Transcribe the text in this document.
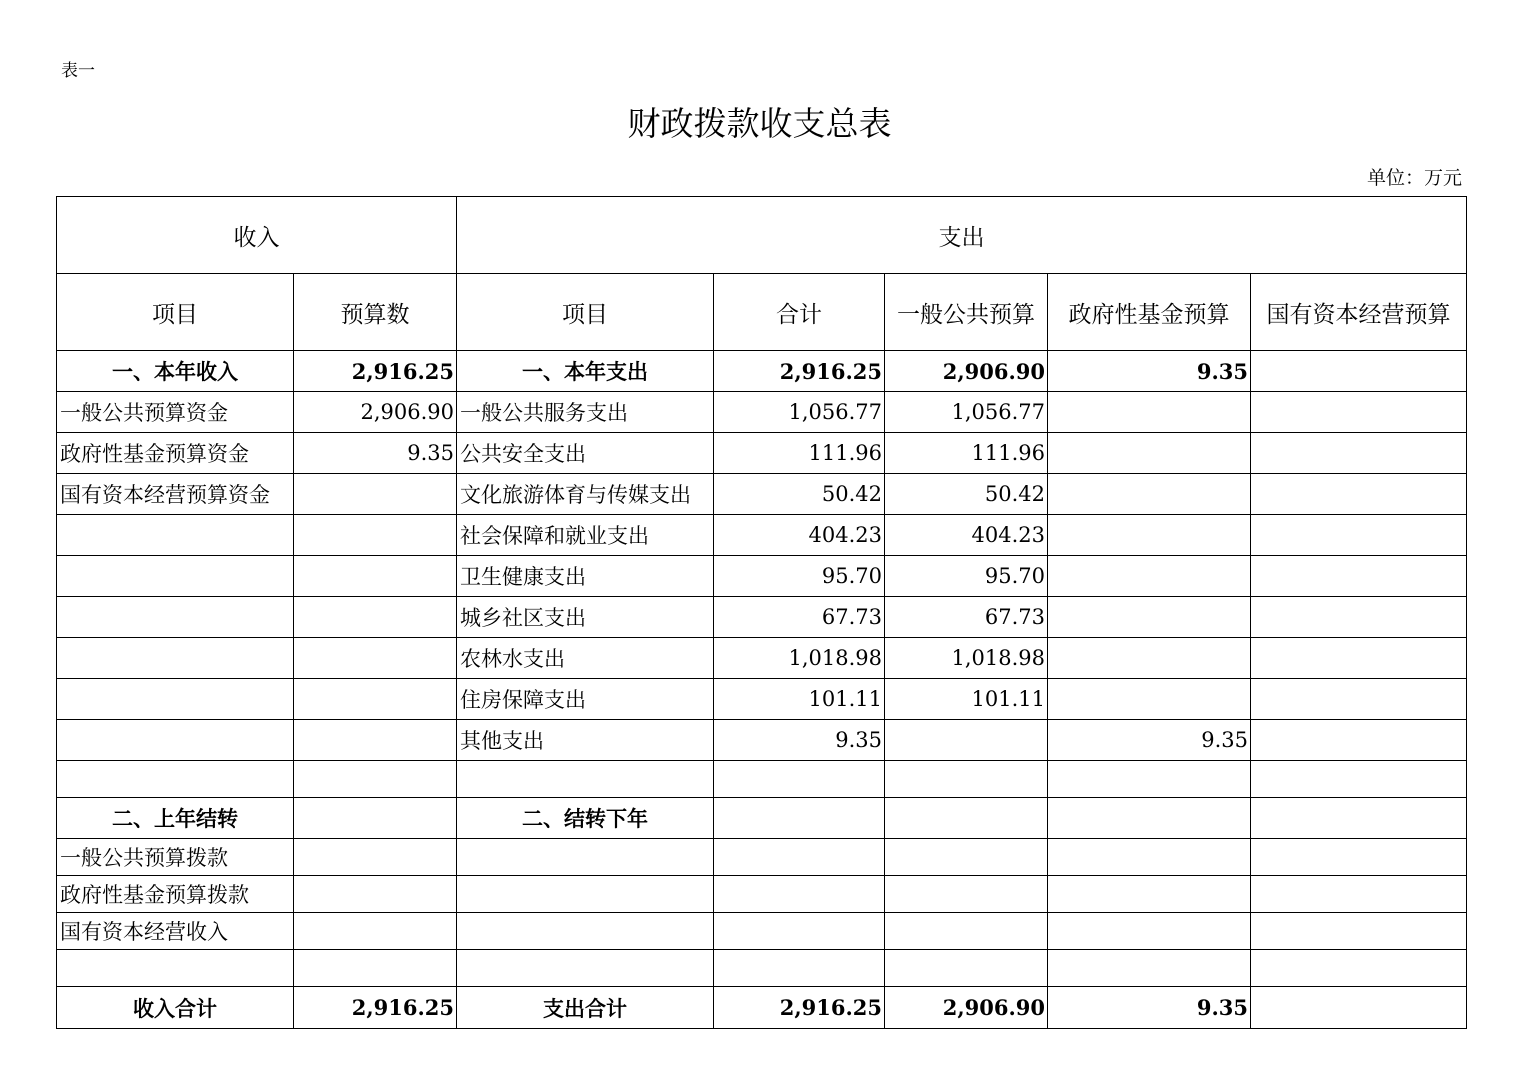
表一
财政拨款收支总表
单位：万元
收入		支出				
项目	预算数	项目	合计	一般公共预算	政府性基金预算	国有资本经营预算
一、本年收入	2,916.25	一、本年支出	2,916.25	2,906.90	9.35	
一般公共预算资金	2,906.90	一般公共服务支出	1,056.77	1,056.77		
政府性基金预算资金	9.35	公共安全支出	111.96	111.96		
国有资本经营预算资金		文化旅游体育与传媒支出	50.42	50.42		
		社会保障和就业支出	404.23	404.23		
		卫生健康支出	95.70	95.70		
		城乡社区支出	67.73	67.73		
		农林水支出	1,018.98	1,018.98		
		住房保障支出	101.11	101.11		
		其他支出	9.35		9.35	

二、上年结转		二、结转下年				
一般公共预算拨款						
政府性基金预算拨款						
国有资本经营收入						

收入合计	2,916.25	支出合计	2,916.25	2,906.90	9.35	
